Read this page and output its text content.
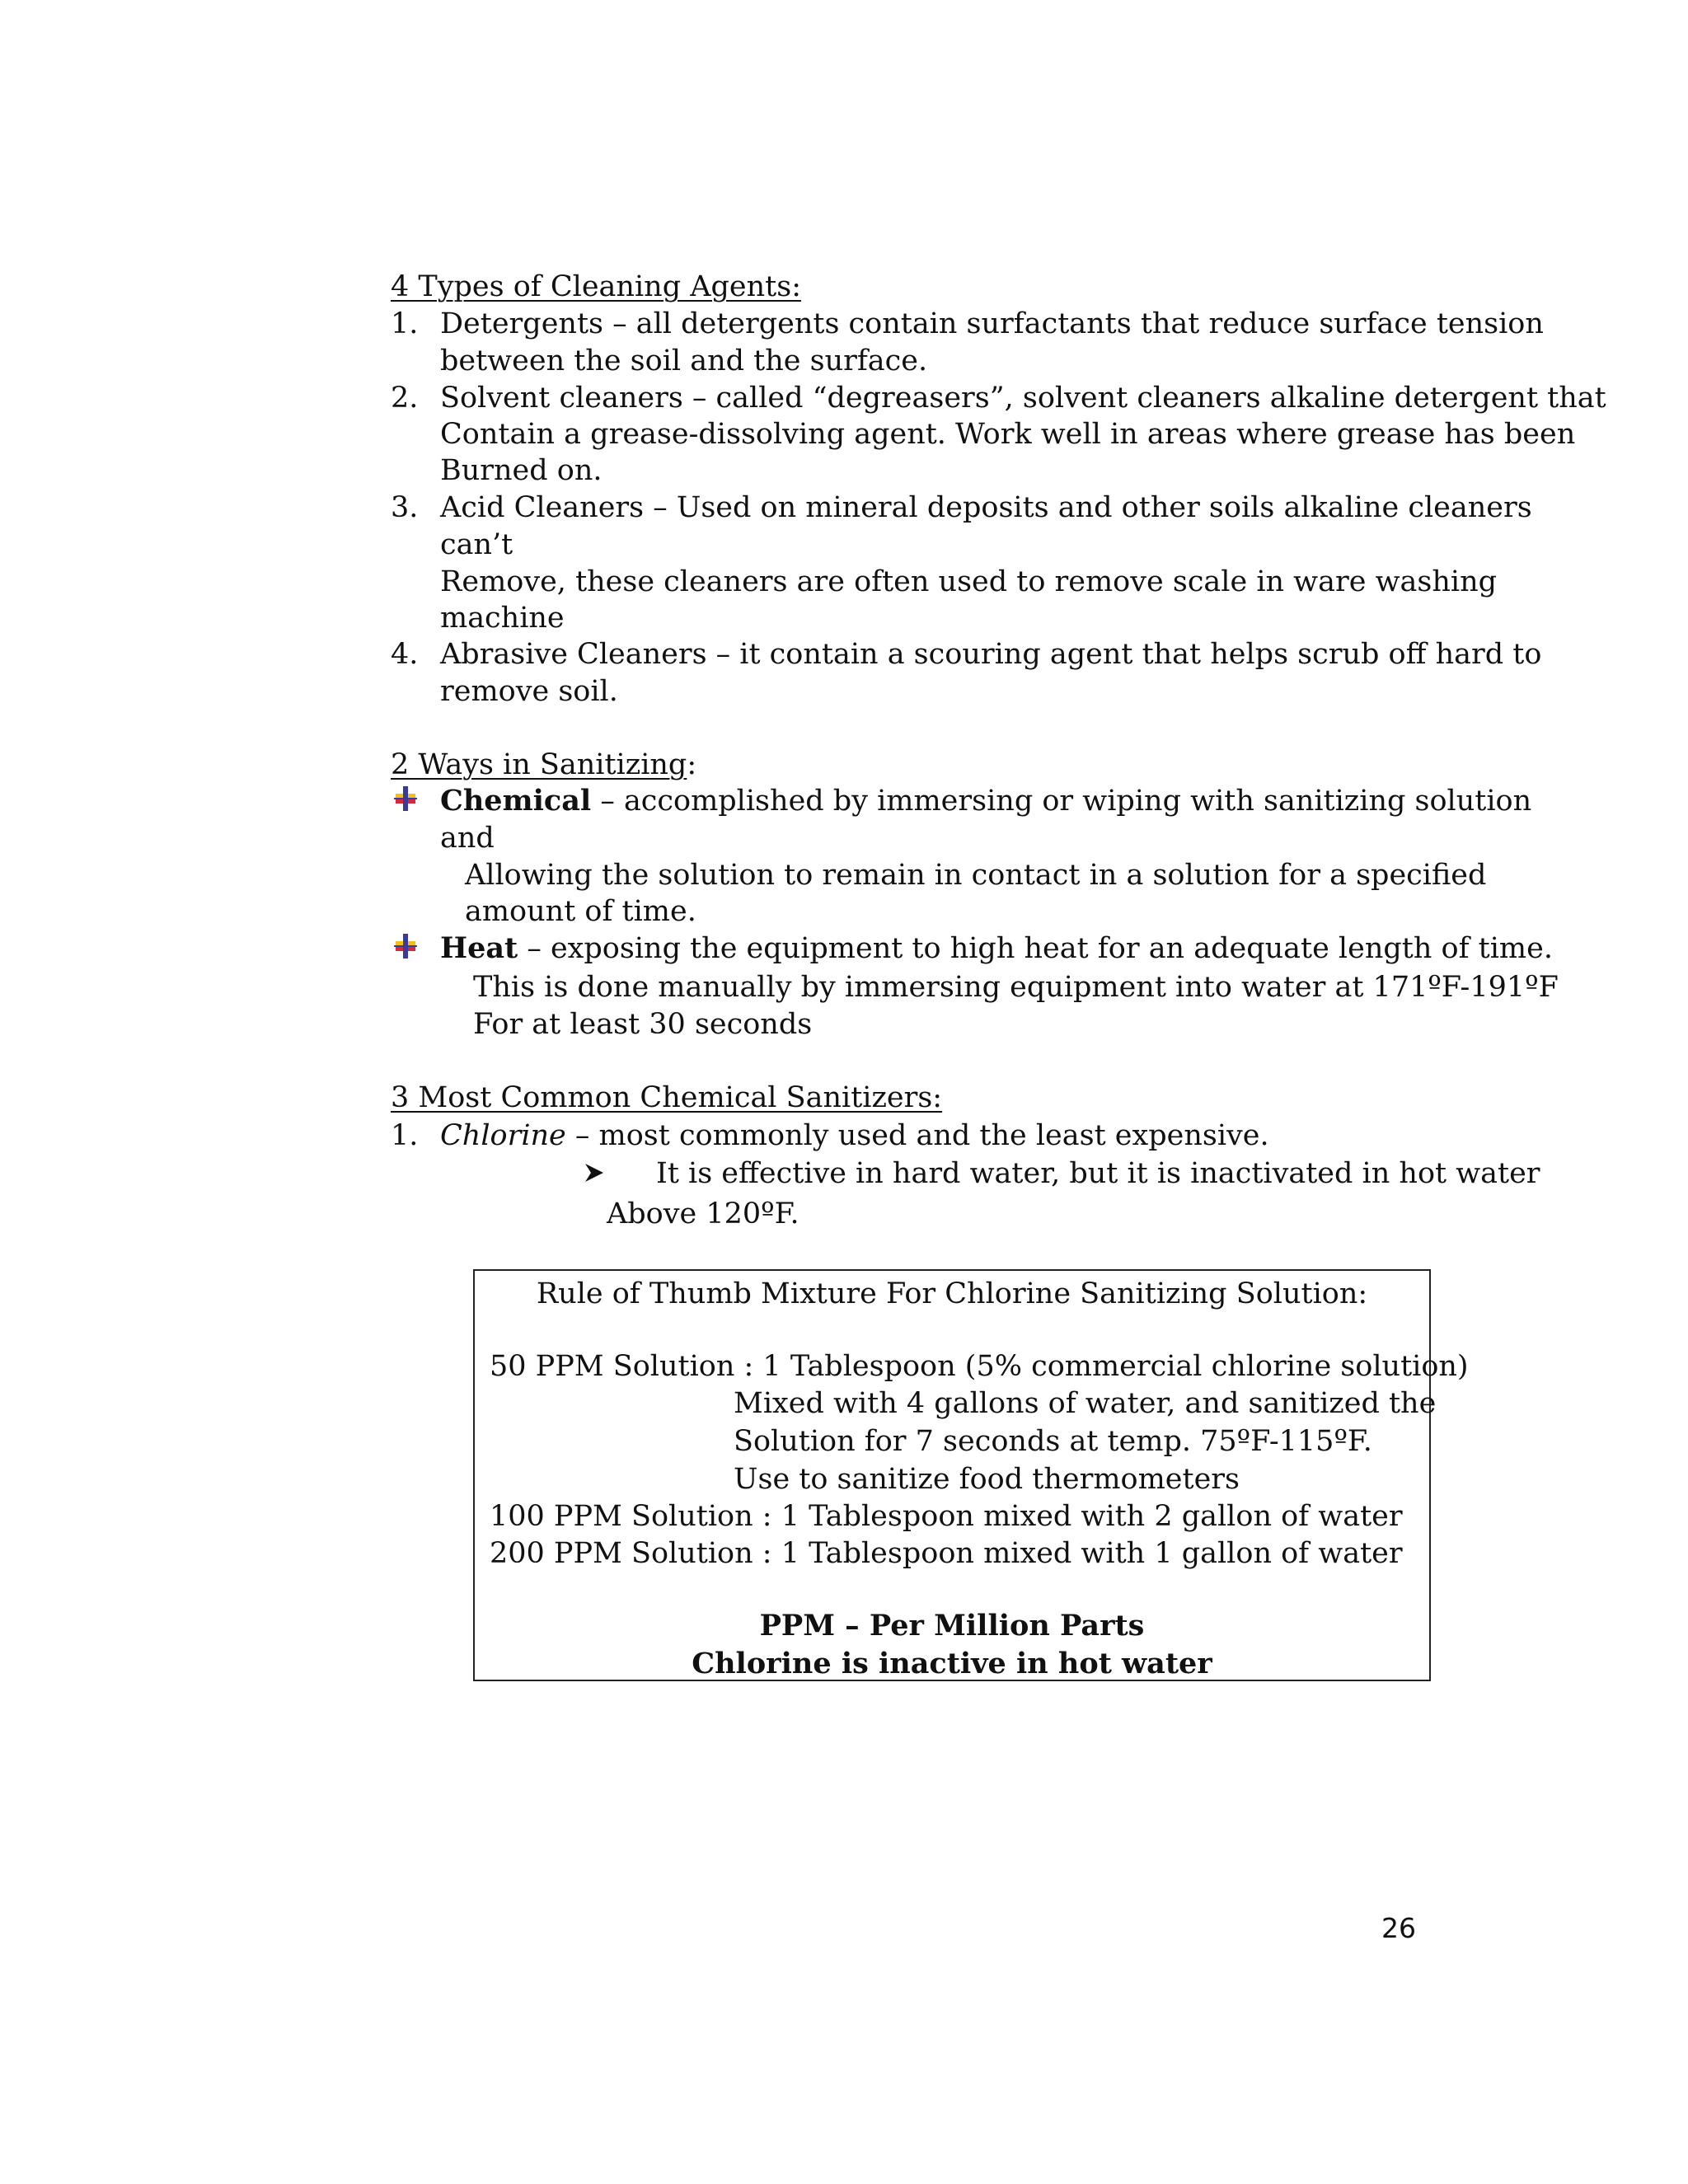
4 Types of Cleaning Agents:
1. Detergents – all detergents contain surfactants that reduce surface tension
between the soil and the surface.
2. Solvent cleaners – called “degreasers”, solvent cleaners alkaline detergent that
Contain a grease-dissolving agent. Work well in areas where grease has been
Burned on.
3. Acid Cleaners – Used on mineral deposits and other soils alkaline cleaners
can’t
Remove, these cleaners are often used to remove scale in ware washing
machine
4. Abrasive Cleaners – it contain a scouring agent that helps scrub off hard to
remove soil.
2 Ways in Sanitizing:
Chemical – accomplished by immersing or wiping with sanitizing solution
and
Allowing the solution to remain in contact in a solution for a specified
amount of time.
Heat – exposing the equipment to high heat for an adequate length of time.
This is done manually by immersing equipment into water at 171ºF-191ºF
For at least 30 seconds
3 Most Common Chemical Sanitizers:
1. Chlorine – most commonly used and the least expensive.
It is effective in hard water, but it is inactivated in hot water
Above 120ºF.
Rule of Thumb Mixture For Chlorine Sanitizing Solution:
50 PPM Solution : 1 Tablespoon (5% commercial chlorine solution)
Mixed with 4 gallons of water, and sanitized the
Solution for 7 seconds at temp. 75ºF-115ºF.
Use to sanitize food thermometers
100 PPM Solution : 1 Tablespoon mixed with 2 gallon of water
200 PPM Solution : 1 Tablespoon mixed with 1 gallon of water
PPM – Per Million Parts
Chlorine is inactive in hot water
26
